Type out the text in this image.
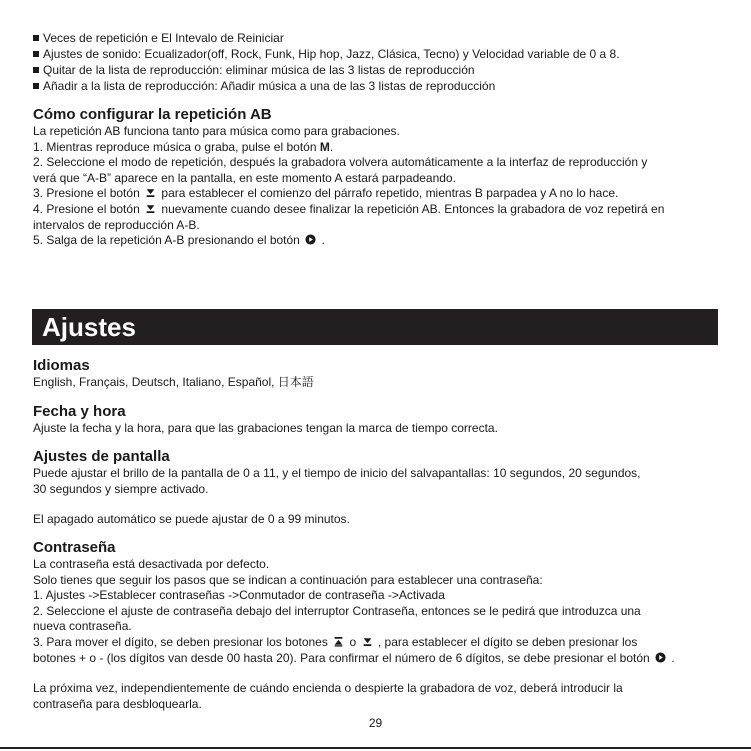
Veces de repetición e El Intevalo de Reiniciar
Ajustes de sonido: Ecualizador(off, Rock, Funk, Hip hop, Jazz, Clásica, Tecno) y Velocidad variable de 0 a 8.
Quitar de la lista de reproducción: eliminar música de las 3 listas de reproducción
Añadir a la lista de reproducción: Añadir música a una de las 3 listas de reproducción
Cómo configurar la repetición AB
La repetición AB funciona tanto para música como para grabaciones.
1. Mientras reproduce música o graba, pulse el botón M.
2. Seleccione el modo de repetición, después la grabadora volvera automáticamente a la interfaz de reproducción y
verá que “A-B” aparece en la pantalla, en este momento A estará parpadeando.
3. Presione el botón  para establecer el comienzo del párrafo repetido, mientras B parpadea y A no lo hace.
4. Presione el botón  nuevamente cuando desee finalizar la repetición AB. Entonces la grabadora de voz repetirá en
intervalos de reproducción A-B.
5. Salga de la repetición A-B presionando el botón  .
Ajustes
Idiomas
English, Français, Deutsch, Italiano, Español, 日本語
Fecha y hora
Ajuste la fecha y la hora, para que las grabaciones tengan la marca de tiempo correcta.
Ajustes de pantalla
Puede ajustar el brillo de la pantalla de 0 a 11, y el tiempo de inicio del salvapantallas: 10 segundos, 20 segundos,
30 segundos y siempre activado.
El apagado automático se puede ajustar de 0 a 99 minutos.
Contraseña
La contraseña está desactivada por defecto.
Solo tienes que seguir los pasos que se indican a continuación para establecer una contraseña:
1. Ajustes ->Establecer contraseñas ->Conmutador de contraseña ->Activada
2. Seleccione el ajuste de contraseña debajo del interruptor Contraseña, entonces se le pedirá que introduzca una
nueva contraseña.
3. Para mover el dígito, se deben presionar los botones  o  , para establecer el dígito se deben presionar los
botones + o - (los dígitos van desde 00 hasta 20). Para confirmar el número de 6 dígitos, se debe presionar el botón  .
La próxima vez, independientemente de cuándo encienda o despierte la grabadora de voz, deberá introducir la
contraseña para desbloquearla.
29
